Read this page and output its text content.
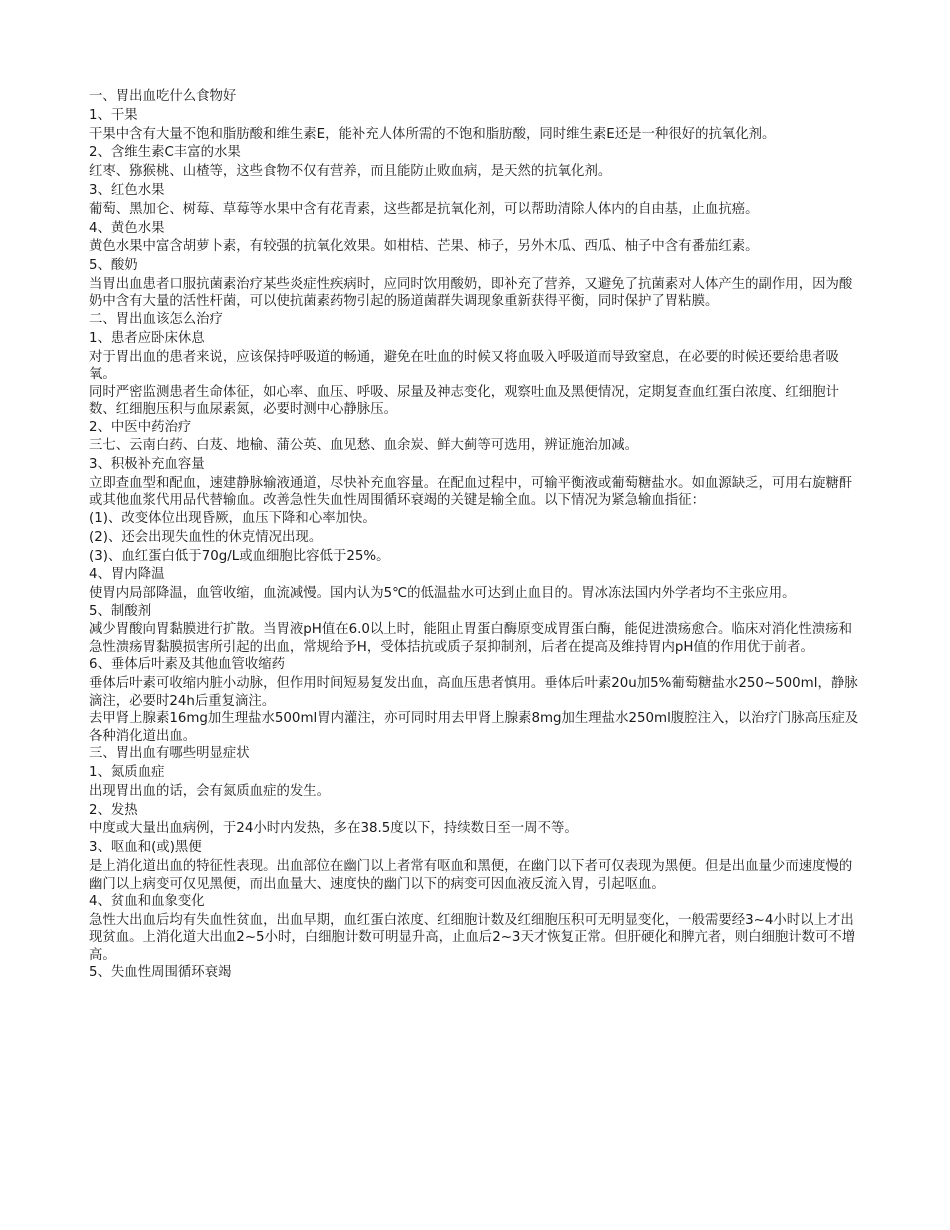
一、胃出血吃什么食物好

1、干果

干果中含有大量不饱和脂肪酸和维生素E，能补充人体所需的不饱和脂肪酸，同时维生素E还是一种很好的抗氧化剂。

2、含维生素C丰富的水果

红枣、猕猴桃、山楂等，这些食物不仅有营养，而且能防止败血病，是天然的抗氧化剂。

3、红色水果

葡萄、黑加仑、树莓、草莓等水果中含有花青素，这些都是抗氧化剂，可以帮助清除人体内的自由基，止血抗癌。

4、黄色水果

黄色水果中富含胡萝卜素，有较强的抗氧化效果。如柑桔、芒果、柿子，另外木瓜、西瓜、柚子中含有番茄红素。

5、酸奶

当胃出血患者口服抗菌素治疗某些炎症性疾病时，应同时饮用酸奶，即补充了营养，又避免了抗菌素对人体产生的副作用，因为酸奶中含有大量的活性杆菌，可以使抗菌素药物引起的肠道菌群失调现象重新获得平衡，同时保护了胃粘膜。

二、胃出血该怎么治疗

1、患者应卧床休息

对于胃出血的患者来说，应该保持呼吸道的畅通，避免在吐血的时候又将血吸入呼吸道而导致窒息，在必要的时候还要给患者吸氧。

同时严密监测患者生命体征，如心率、血压、呼吸、尿量及神志变化，观察吐血及黑便情况，定期复查血红蛋白浓度、红细胞计数、红细胞压积与血尿素氮，必要时测中心静脉压。

2、中医中药治疗

三七、云南白药、白芨、地榆、蒲公英、血见愁、血余炭、鲜大蓟等可选用，辨证施治加减。

3、积极补充血容量

立即查血型和配血，速建静脉输液通道，尽快补充血容量。在配血过程中，可输平衡液或葡萄糖盐水。如血源缺乏，可用右旋糖酐或其他血浆代用品代替输血。改善急性失血性周围循环衰竭的关键是输全血。以下情况为紧急输血指征：

(1)、改变体位出现昏厥，血压下降和心率加快。

(2)、还会出现失血性的休克情况出现。

(3)、血红蛋白低于70g/L或血细胞比容低于25%。

4、胃内降温

使胃内局部降温，血管收缩，血流减慢。国内认为5℃的低温盐水可达到止血目的。胃冰冻法国内外学者均不主张应用。

5、制酸剂

减少胃酸向胃黏膜进行扩散。当胃液pH值在6.0以上时，能阻止胃蛋白酶原变成胃蛋白酶，能促进溃疡愈合。临床对消化性溃疡和急性溃疡胃黏膜损害所引起的出血，常规给予H，受体拮抗或质子泵抑制剂，后者在提高及维持胃内pH值的作用优于前者。

6、垂体后叶素及其他血管收缩药

垂体后叶素可收缩内脏小动脉，但作用时间短易复发出血，高血压患者慎用。垂体后叶素20u加5%葡萄糖盐水250~500ml，静脉滴注，必要时24h后重复滴注。

去甲肾上腺素16mg加生理盐水500ml胃内灌注，亦可同时用去甲肾上腺素8mg加生理盐水250ml腹腔注入，以治疗门脉高压症及各种消化道出血。

三、胃出血有哪些明显症状

1、氮质血症

出现胃出血的话，会有氮质血症的发生。

2、发热

中度或大量出血病例，于24小时内发热，多在38.5度以下，持续数日至一周不等。

3、呕血和(或)黑便

是上消化道出血的特征性表现。出血部位在幽门以上者常有呕血和黑便，在幽门以下者可仅表现为黑便。但是出血量少而速度慢的幽门以上病变可仅见黑便，而出血量大、速度快的幽门以下的病变可因血液反流入胃，引起呕血。

4、贫血和血象变化

急性大出血后均有失血性贫血，出血早期，血红蛋白浓度、红细胞计数及红细胞压积可无明显变化，一般需要经3~4小时以上才出现贫血。上消化道大出血2~5小时，白细胞计数可明显升高，止血后2~3天才恢复正常。但肝硬化和脾亢者，则白细胞计数可不增高。

5、失血性周围循环衰竭
